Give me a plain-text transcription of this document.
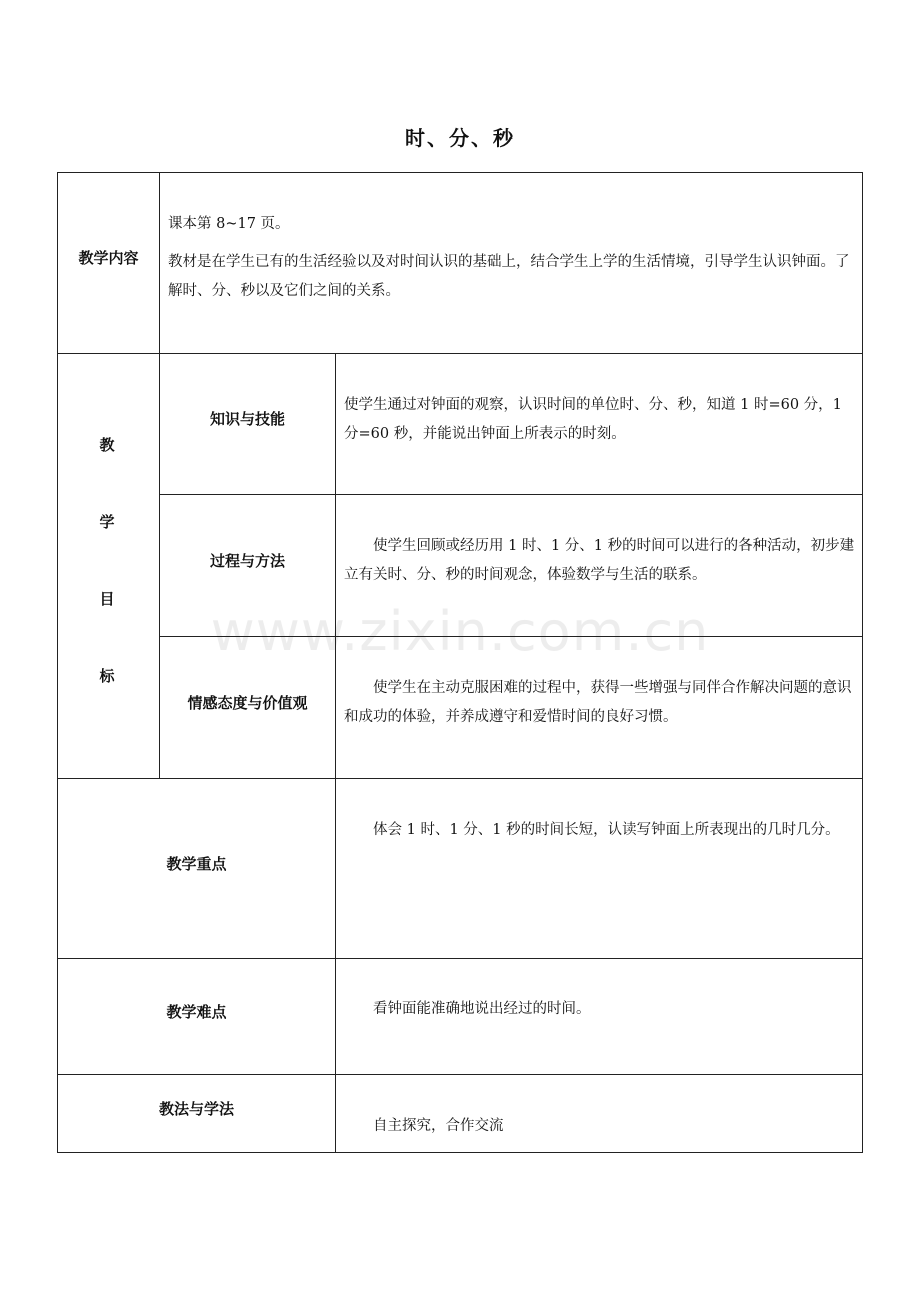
www.zixin.com.cn
时、分、秒
教学内容
课本第 8~17 页。
教材是在学生已有的生活经验以及对时间认识的基础上，结合学生上学的生活情境，引导学生认识钟面。了解时、分、秒以及它们之间的关系。
教
学
目
标
知识与技能
使学生通过对钟面的观察，认识时间的单位时、分、秒，知道 1 时=60 分，1 分=60 秒，并能说出钟面上所表示的时刻。
过程与方法
使学生回顾或经历用 1 时、1 分、1 秒的时间可以进行的各种活动，初步建立有关时、分、秒的时间观念，体验数学与生活的联系。
情感态度与价值观
使学生在主动克服困难的过程中，获得一些增强与同伴合作解决问题的意识和成功的体验，并养成遵守和爱惜时间的良好习惯。
教学重点
体会 1 时、1 分、1 秒的时间长短，认读写钟面上所表现出的几时几分。
教学难点	看钟面能准确地说出经过的时间。
教法与学法
自主探究，合作交流
